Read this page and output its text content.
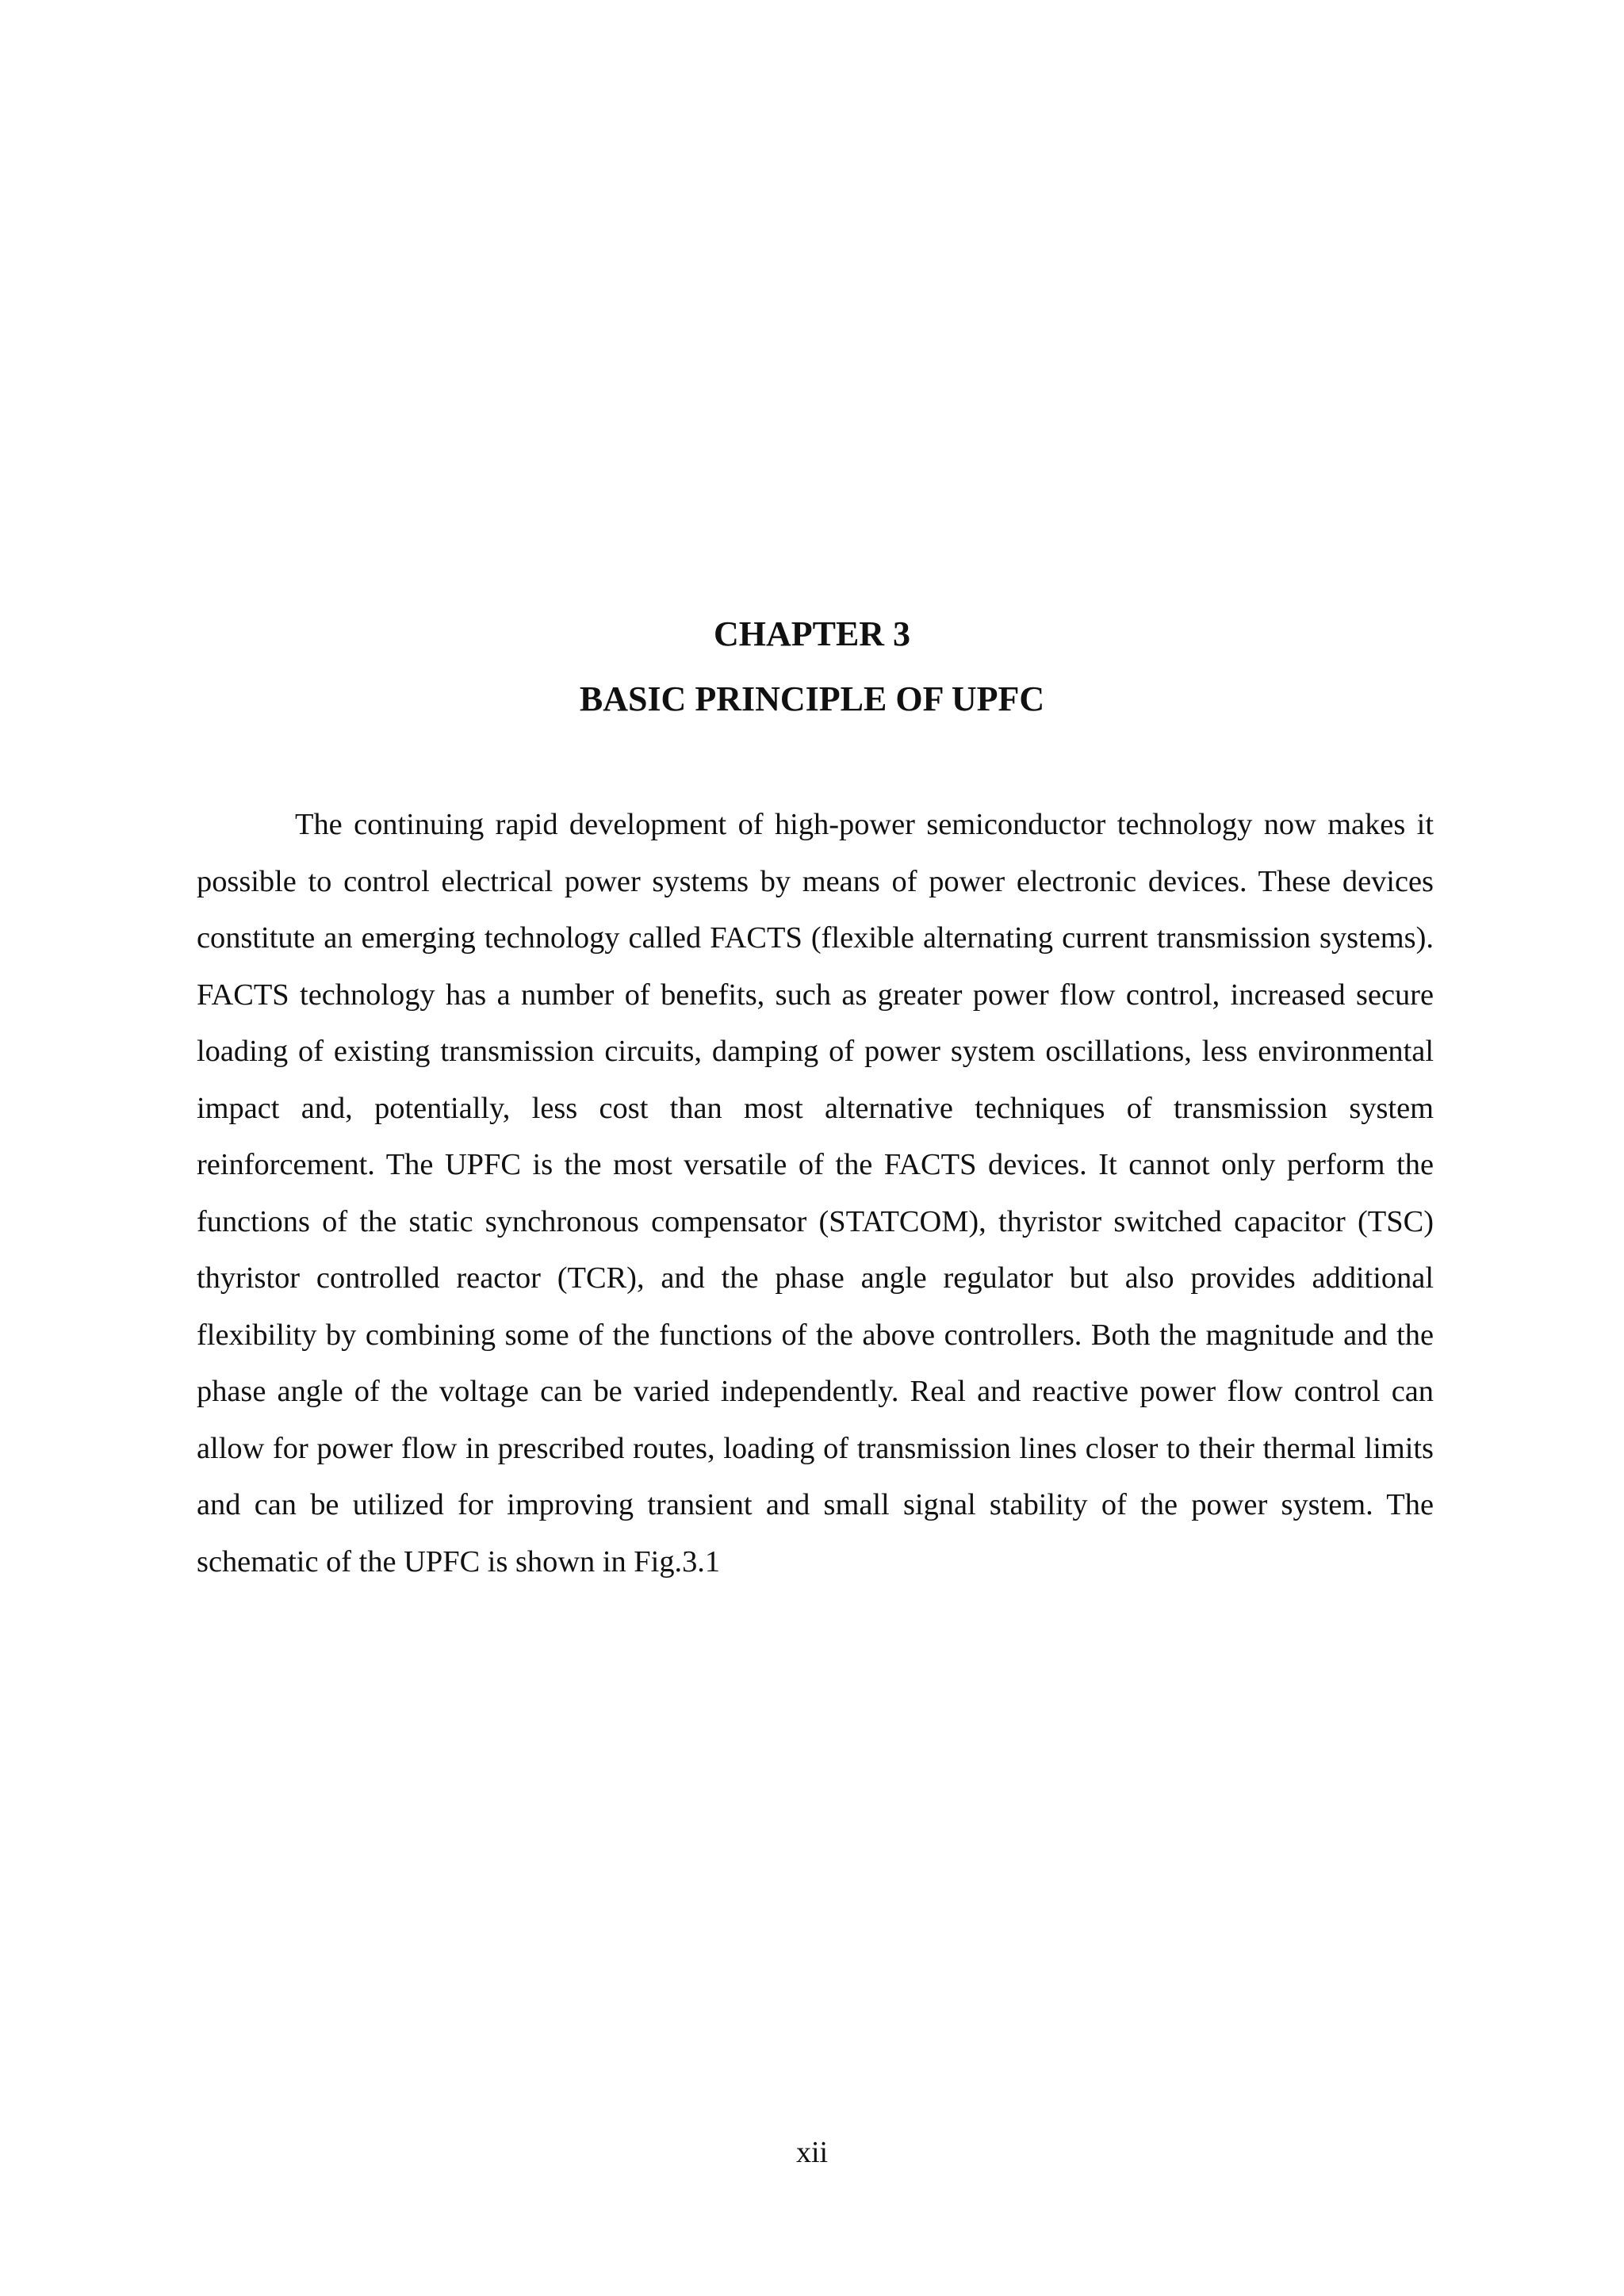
CHAPTER 3
BASIC PRINCIPLE OF UPFC

The continuing rapid development of high-power semiconductor technology now makes it possible to control electrical power systems by means of power electronic devices. These devices constitute an emerging technology called FACTS (flexible alternating current transmission systems). FACTS technology has a number of benefits, such as greater power flow control, increased secure loading of existing transmission circuits, damping of power system oscillations, less environmental impact and, potentially, less cost than most alternative techniques of transmission system reinforcement. The UPFC is the most versatile of the FACTS devices. It cannot only perform the functions of the static synchronous compensator (STATCOM), thyristor switched capacitor (TSC) thyristor controlled reactor (TCR), and the phase angle regulator but also provides additional flexibility by combining some of the functions of the above controllers. Both the magnitude and the phase angle of the voltage can be varied independently. Real and reactive power flow control can allow for power flow in prescribed routes, loading of transmission lines closer to their thermal limits and can be utilized for improving transient and small signal stability of the power system. The schematic of the UPFC is shown in Fig.3.1

xii
